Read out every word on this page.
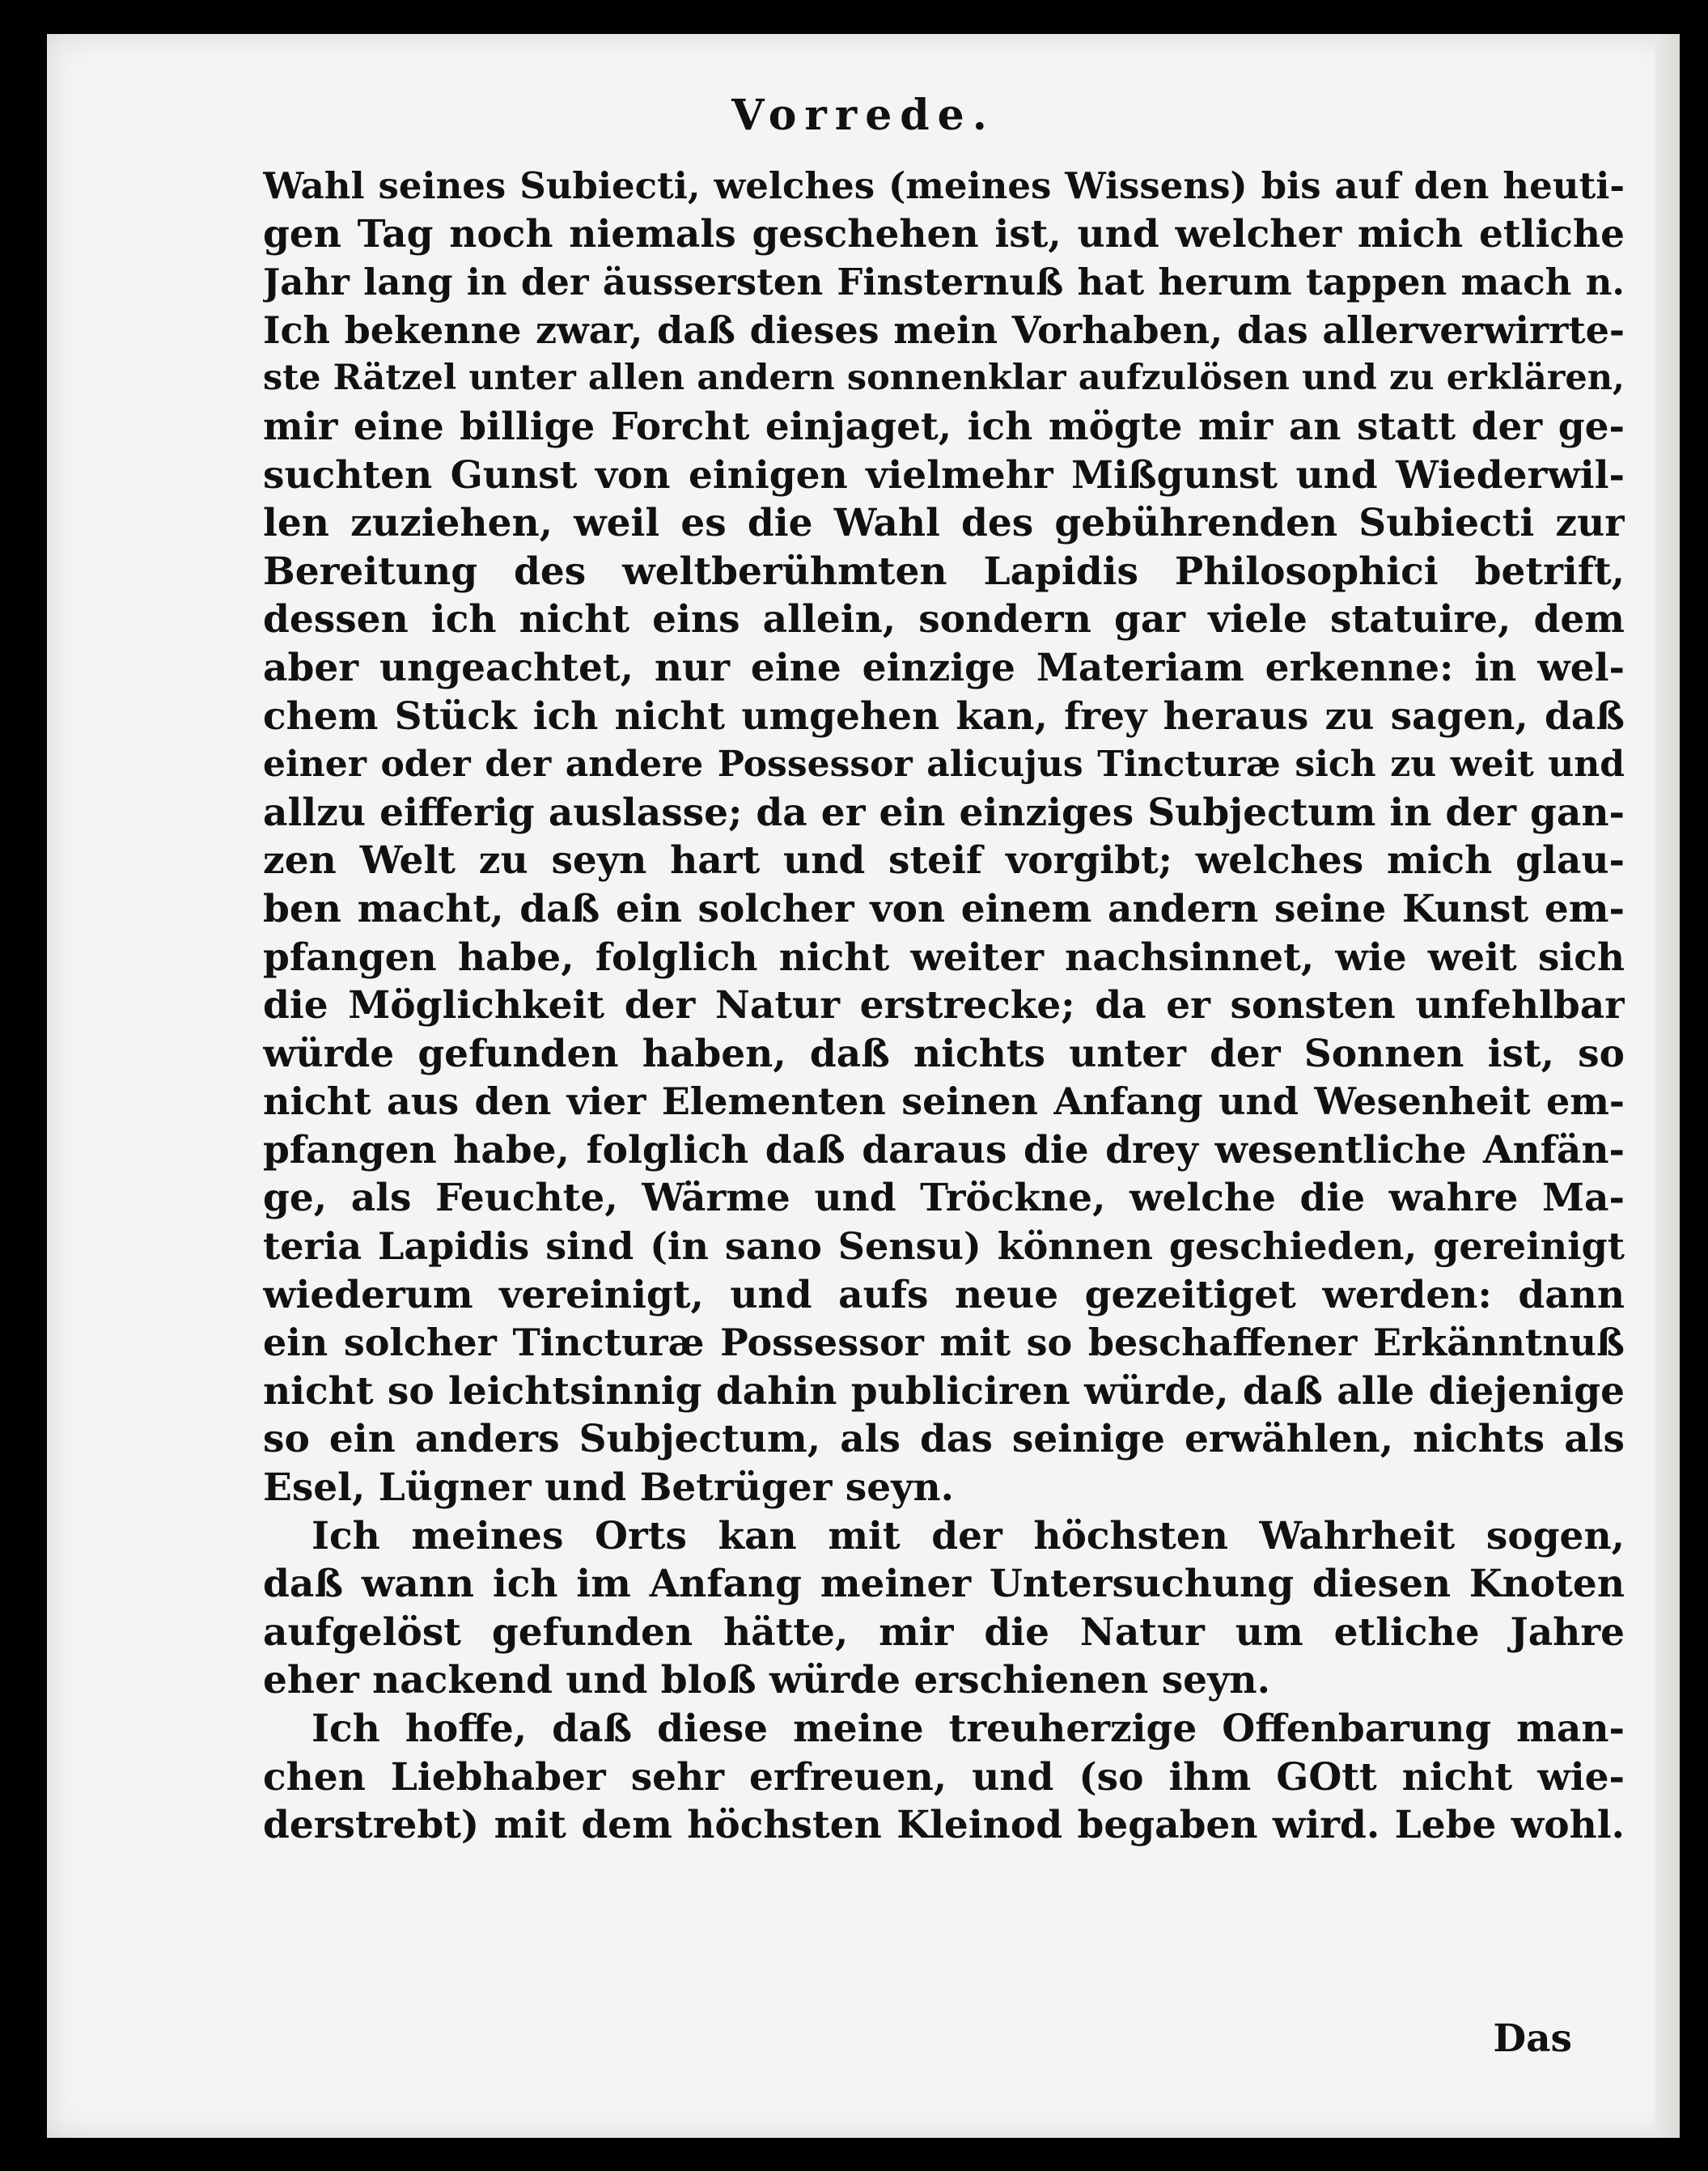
Vorrede.
Wahl seines Subiecti, welches (meines Wissens) bis auf den heuti-
gen Tag noch niemals geschehen ist, und welcher mich etliche
Jahr lang in der äussersten Finsternuß hat herum tappen mach n.
Ich bekenne zwar, daß dieses mein Vorhaben, das allerverwirrte-
ste Rätzel unter allen andern sonnenklar aufzulösen und zu erklären,
mir eine billige Forcht einjaget, ich mögte mir an statt der ge-
suchten Gunst von einigen vielmehr Mißgunst und Wiederwil-
len zuziehen, weil es die Wahl des gebührenden Subiecti zur
Bereitung des weltberühmten Lapidis Philosophici betrift,
dessen ich nicht eins allein, sondern gar viele statuire, dem
aber ungeachtet, nur eine einzige Materiam erkenne: in wel-
chem Stück ich nicht umgehen kan, frey heraus zu sagen, daß
einer oder der andere Possessor alicujus Tincturæ sich zu weit und
allzu eifferig auslasse; da er ein einziges Subjectum in der gan-
zen Welt zu seyn hart und steif vorgibt; welches mich glau-
ben macht, daß ein solcher von einem andern seine Kunst em-
pfangen habe, folglich nicht weiter nachsinnet, wie weit sich
die Möglichkeit der Natur erstrecke; da er sonsten unfehlbar
würde gefunden haben, daß nichts unter der Sonnen ist, so
nicht aus den vier Elementen seinen Anfang und Wesenheit em-
pfangen habe, folglich daß daraus die drey wesentliche Anfän-
ge, als Feuchte, Wärme und Tröckne, welche die wahre Ma-
teria Lapidis sind (in sano Sensu) können geschieden, gereinigt
wiederum vereinigt, und aufs neue gezeitiget werden: dann
ein solcher Tincturæ Possessor mit so beschaffener Erkänntnuß
nicht so leichtsinnig dahin publiciren würde, daß alle diejenige
so ein anders Subjectum, als das seinige erwählen, nichts als
Esel, Lügner und Betrüger seyn.
Ich meines Orts kan mit der höchsten Wahrheit sogen,
daß wann ich im Anfang meiner Untersuchung diesen Knoten
aufgelöst gefunden hätte, mir die Natur um etliche Jahre
eher nackend und bloß würde erschienen seyn.
Ich hoffe, daß diese meine treuherzige Offenbarung man-
chen Liebhaber sehr erfreuen, und (so ihm GOtt nicht wie-
derstrebt) mit dem höchsten Kleinod begaben wird. Lebe wohl.
Das
